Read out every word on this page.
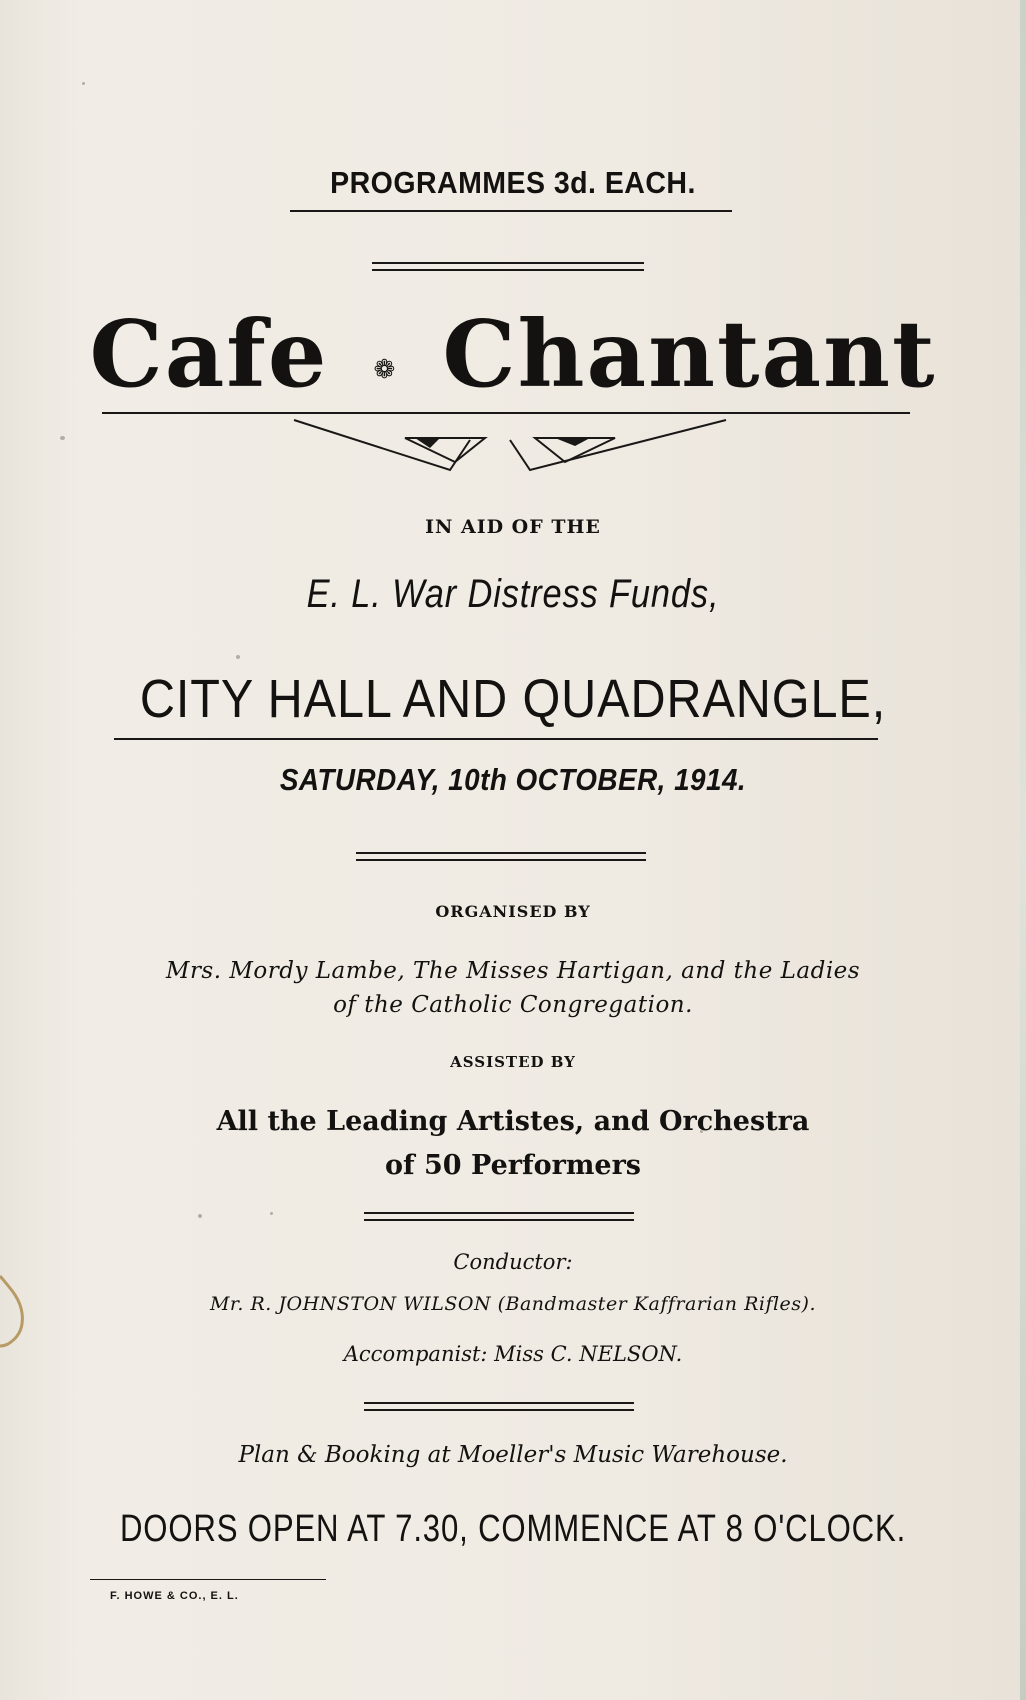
PROGRAMMES 3d. EACH.
Cafe ❁ Chantant
IN AID OF THE
E. L. War Distress Funds,
CITY HALL AND QUADRANGLE,
SATURDAY, 10th OCTOBER, 1914.
ORGANISED BY
Mrs. Mordy Lambe, The Misses Hartigan, and the Ladies
of the Catholic Congregation.
ASSISTED BY
All the Leading Artistes, and Orchestra
of 50 Performers
Conductor:
Mr. R. JOHNSTON WILSON (Bandmaster Kaffrarian Rifles).
Accompanist: Miss C. NELSON.
Plan & Booking at Moeller's Music Warehouse.
DOORS OPEN AT 7.30, COMMENCE AT 8 O'CLOCK.
F. HOWE & CO., E. L.
